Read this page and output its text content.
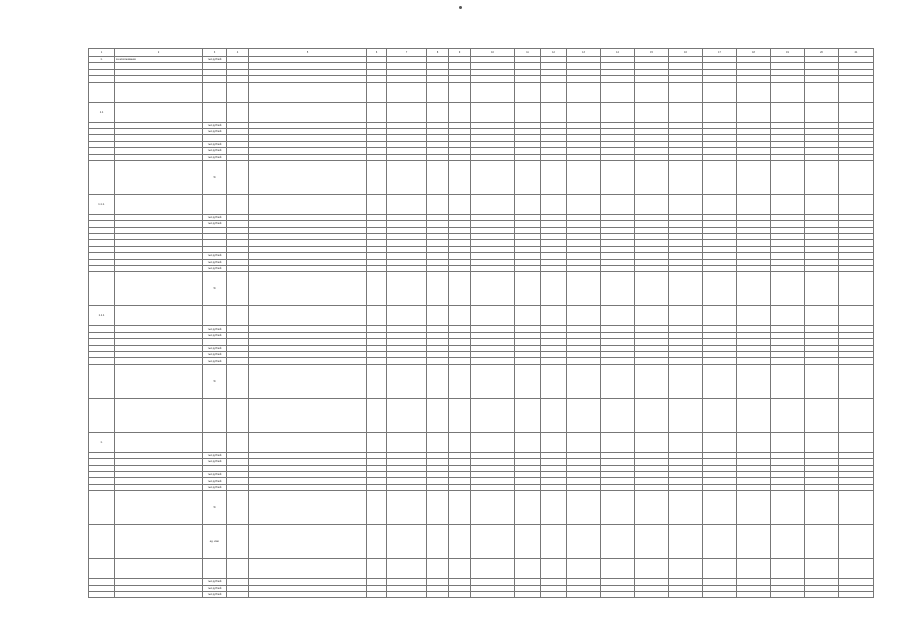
1	2	3	4	5	6	7	8	9	10	11	12	13	14	15	16	17	18	19	20	21
1.	за ассигнования	тыс.рублей																		

1.1																				
		тыс.рублей																		
		тыс.рублей																		

		тыс.рублей																		
		тыс.рублей																		
		тыс.рублей																		
		%																		
1.1.1.																				
		тыс.рублей																		
		тыс.рублей																		

		тыс.рублей																		
		тыс.рублей																		
		тыс.рублей																		
		%																		
1.1.1																				
		тыс.рублей																		
		тыс.рублей																		

		тыс.рублей																		
		тыс.рублей																		
		тыс.рублей																		
		%																		

1.																				
		тыс.рублей																		
		тыс.рублей																		

		тыс.рублей																		
		тыс.рублей																		
		тыс.рублей																		
		%																		
		ед. изм.																		

		тыс.рублей																		
		тыс.рублей																		
		тыс.рублей																		
